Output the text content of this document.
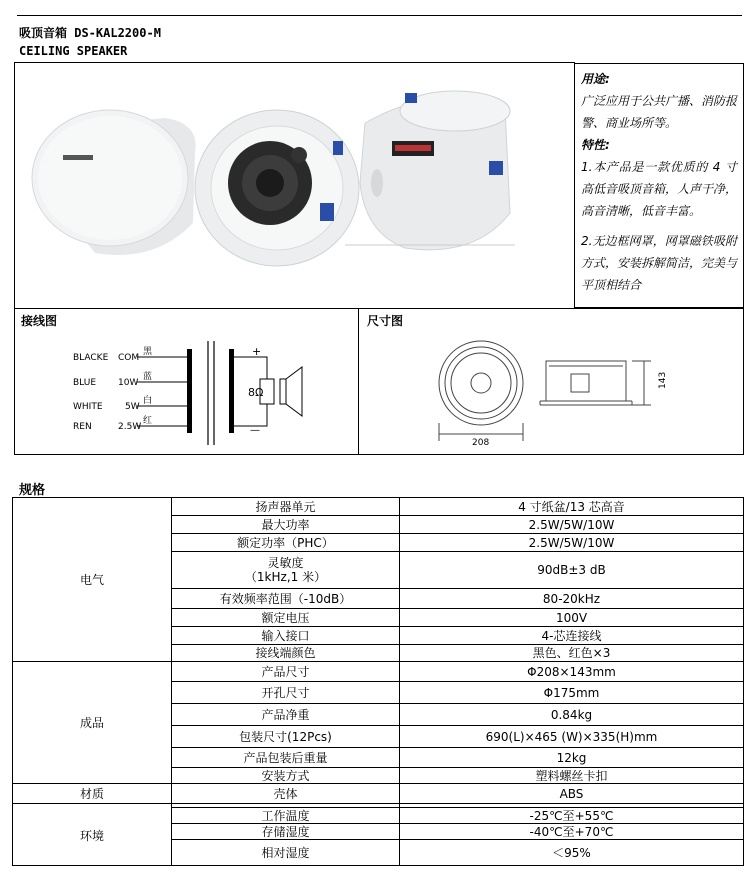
吸顶音箱 DS-KAL2200-M
CEILING SPEAKER
用途:
广泛应用于公共广播、消防报警、商业场所等。
特性:
1.本产品是一款优质的 4 寸高低音吸顶音箱，人声干净，高音清晰，低音丰富。
2.无边框网罩，网罩磁铁吸附方式，安装拆解简洁，完美与平顶相结合
接线图
BLACKE COM
黑
BLUE 10W
蓝
WHITE 5W
白
REN	2.5W
红
+
—
8Ω
尺寸图
208
143
规格
电气	扬声器单元	4 寸纸盆/13 芯高音
	最大功率	2.5W/5W/10W
	额定功率（PHC）	2.5W/5W/10W

	灵敏度
（1kHz,1 米）	90dB±3 dB
	有效频率范围（-10dB）	80-20kHz
	额定电压	100V
	输入接口	4-芯连接线
	接线端颜色	黑色、红色×3
成品	产品尺寸	Φ208×143mm
	开孔尺寸	Φ175mm
	产品净重	0.84kg
	包装尺寸(12Pcs)	690(L)×465 (W)×335(H)mm
	产品包装后重量	12kg
	安装方式	塑料螺丝卡扣
材质	壳体	ABS

环境	工作温度	-25℃至+55℃
	存储湿度	-40℃至+70℃
	相对湿度	＜95%
